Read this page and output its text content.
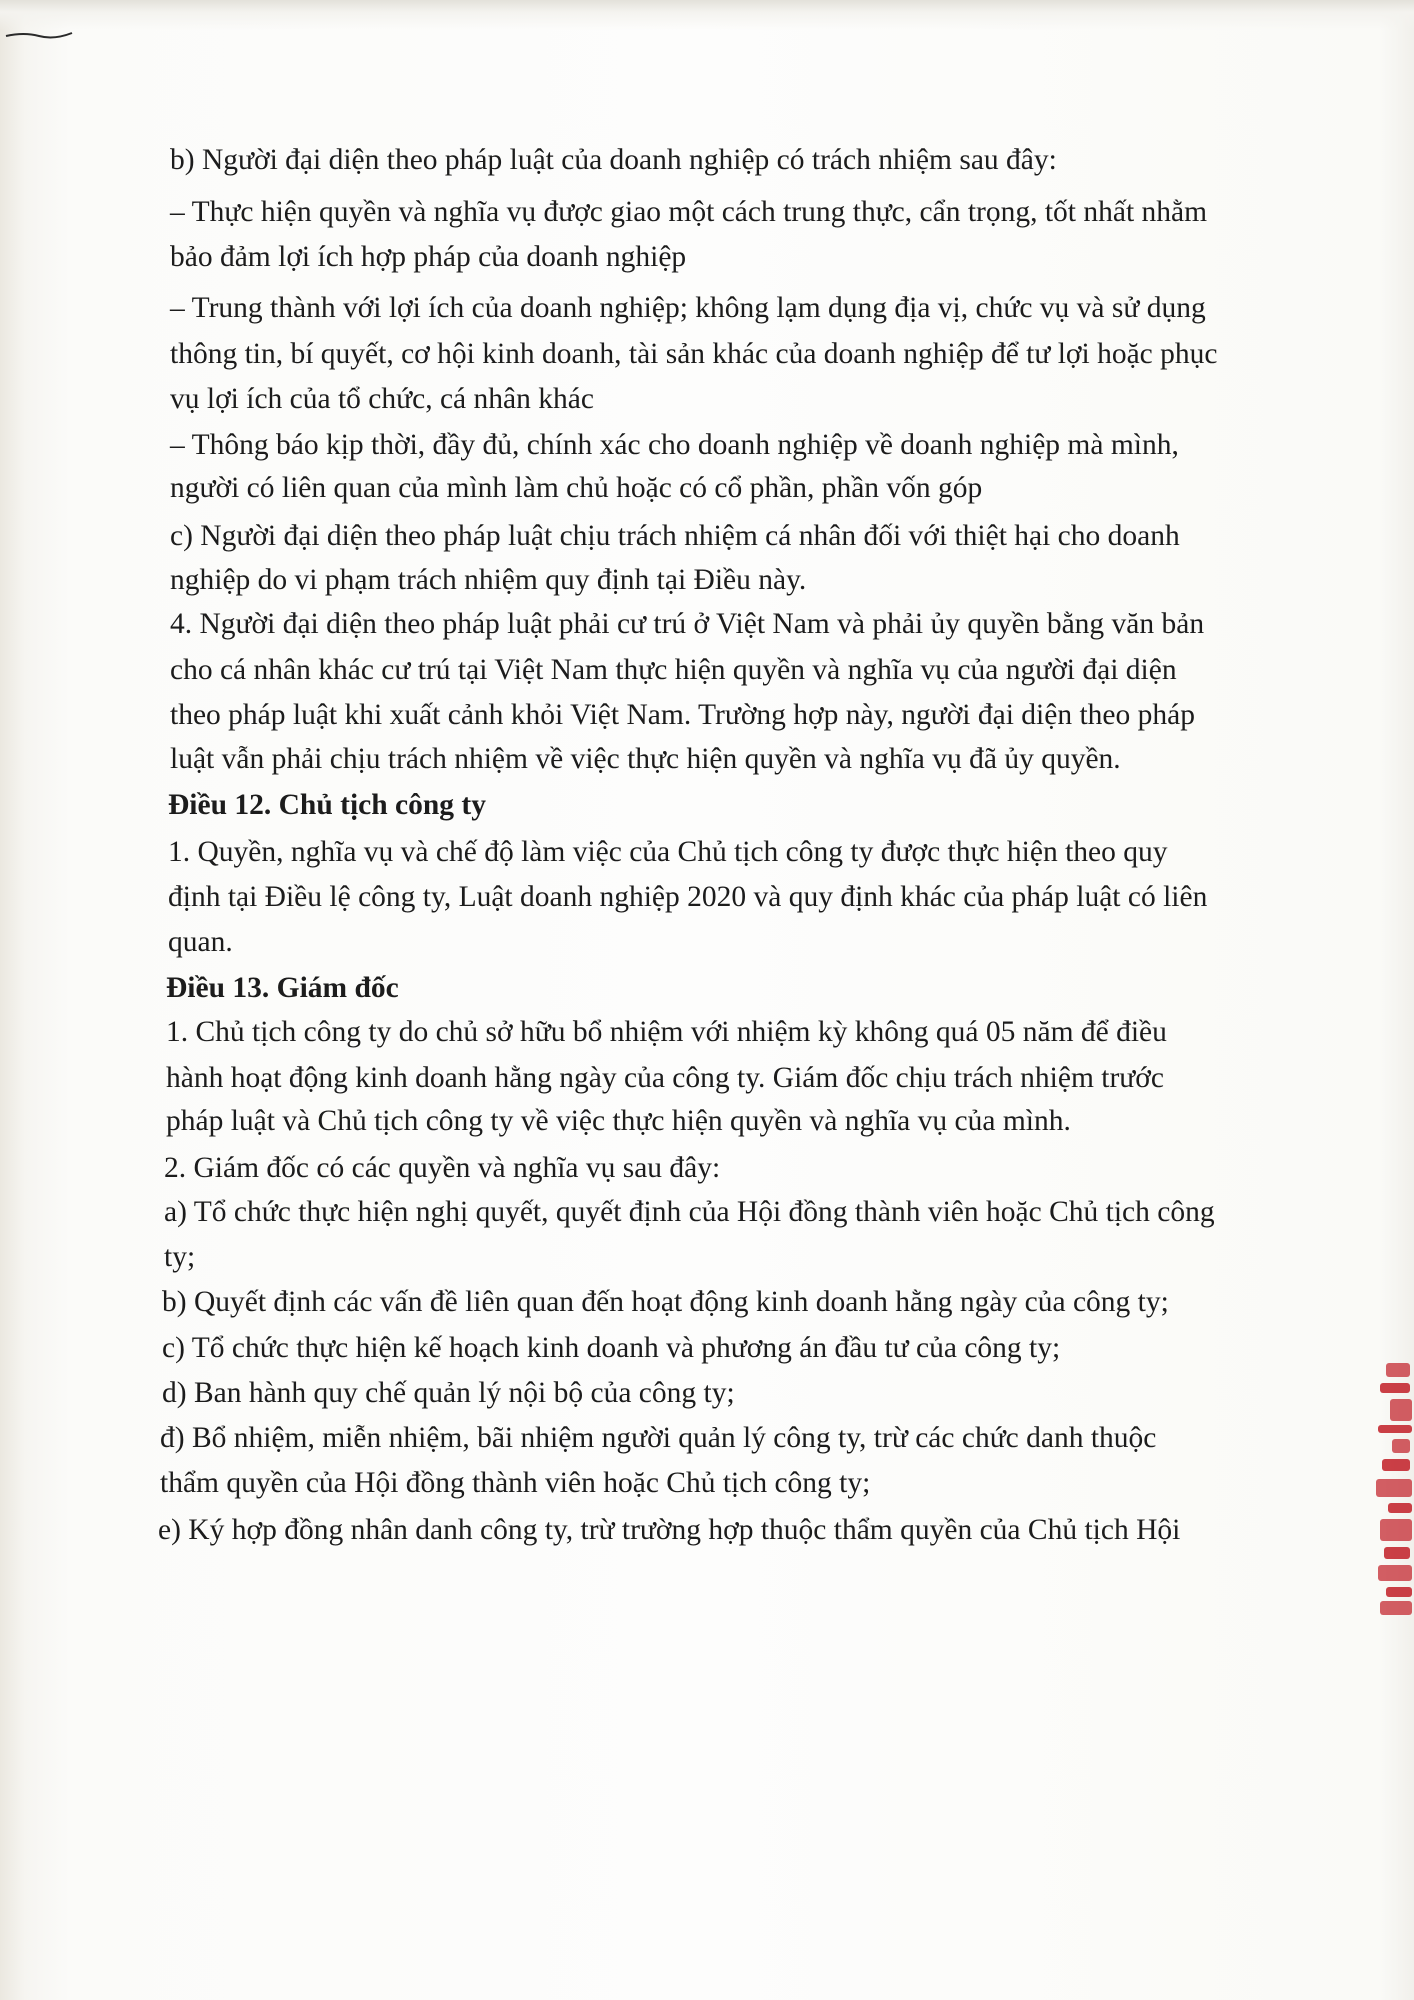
b) Người đại diện theo pháp luật của doanh nghiệp có trách nhiệm sau đây:
– Thực hiện quyền và nghĩa vụ được giao một cách trung thực, cẩn trọng, tốt nhất nhằm
bảo đảm lợi ích hợp pháp của doanh nghiệp
– Trung thành với lợi ích của doanh nghiệp; không lạm dụng địa vị, chức vụ và sử dụng
thông tin, bí quyết, cơ hội kinh doanh, tài sản khác của doanh nghiệp để tư lợi hoặc phục
vụ lợi ích của tổ chức, cá nhân khác
– Thông báo kịp thời, đầy đủ, chính xác cho doanh nghiệp về doanh nghiệp mà mình,
người có liên quan của mình làm chủ hoặc có cổ phần, phần vốn góp
c) Người đại diện theo pháp luật chịu trách nhiệm cá nhân đối với thiệt hại cho doanh
nghiệp do vi phạm trách nhiệm quy định tại Điều này.
4. Người đại diện theo pháp luật phải cư trú ở Việt Nam và phải ủy quyền bằng văn bản
cho cá nhân khác cư trú tại Việt Nam thực hiện quyền và nghĩa vụ của người đại diện
theo pháp luật khi xuất cảnh khỏi Việt Nam. Trường hợp này, người đại diện theo pháp
luật vẫn phải chịu trách nhiệm về việc thực hiện quyền và nghĩa vụ đã ủy quyền.
Điều 12. Chủ tịch công ty
1. Quyền, nghĩa vụ và chế độ làm việc của Chủ tịch công ty được thực hiện theo quy
định tại Điều lệ công ty, Luật doanh nghiệp 2020 và quy định khác của pháp luật có liên
quan.
Điều 13. Giám đốc
1. Chủ tịch công ty do chủ sở hữu bổ nhiệm với nhiệm kỳ không quá 05 năm để điều
hành hoạt động kinh doanh hằng ngày của công ty. Giám đốc chịu trách nhiệm trước
pháp luật và Chủ tịch công ty về việc thực hiện quyền và nghĩa vụ của mình.
2. Giám đốc có các quyền và nghĩa vụ sau đây:
a) Tổ chức thực hiện nghị quyết, quyết định của Hội đồng thành viên hoặc Chủ tịch công
ty;
b) Quyết định các vấn đề liên quan đến hoạt động kinh doanh hằng ngày của công ty;
c) Tổ chức thực hiện kế hoạch kinh doanh và phương án đầu tư của công ty;
d) Ban hành quy chế quản lý nội bộ của công ty;
đ) Bổ nhiệm, miễn nhiệm, bãi nhiệm người quản lý công ty, trừ các chức danh thuộc
thẩm quyền của Hội đồng thành viên hoặc Chủ tịch công ty;
e) Ký hợp đồng nhân danh công ty, trừ trường hợp thuộc thẩm quyền của Chủ tịch Hội
